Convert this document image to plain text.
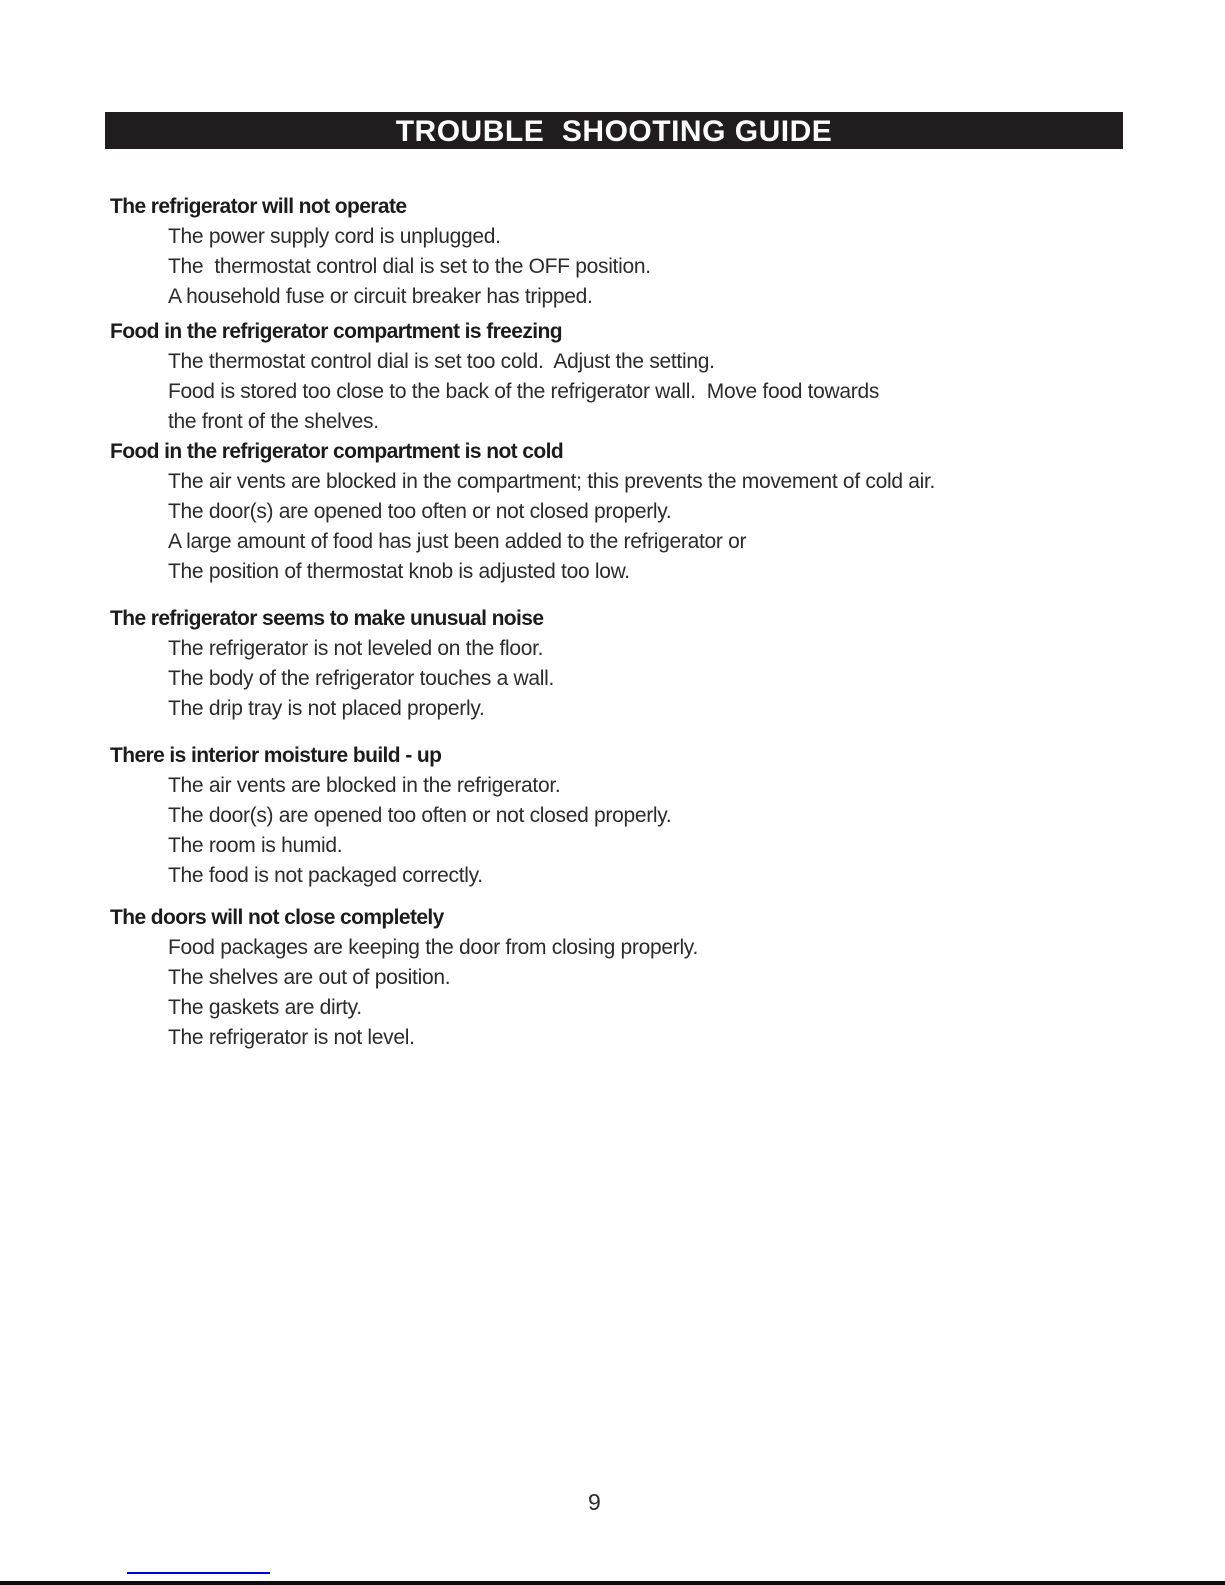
TROUBLE  SHOOTING GUIDE
The refrigerator will not operate
The power supply cord is unplugged.
The  thermostat control dial is set to the OFF position.
A household fuse or circuit breaker has tripped.
Food in the refrigerator compartment is freezing
The thermostat control dial is set too cold.  Adjust the setting.
Food is stored too close to the back of the refrigerator wall.  Move food towards
the front of the shelves.
Food in the refrigerator compartment is not cold
The air vents are blocked in the compartment; this prevents the movement of cold air.
The door(s) are opened too often or not closed properly.
A large amount of food has just been added to the refrigerator or
The position of thermostat knob is adjusted too low.
The refrigerator seems to make unusual noise
The refrigerator is not leveled on the floor.
The body of the refrigerator touches a wall.
The drip tray is not placed properly.
There is interior moisture build - up
The air vents are blocked in the refrigerator.
The door(s) are opened too often or not closed properly.
The room is humid.
The food is not packaged correctly.
The doors will not close completely
Food packages are keeping the door from closing properly.
The shelves are out of position.
The gaskets are dirty.
The refrigerator is not level.
9
